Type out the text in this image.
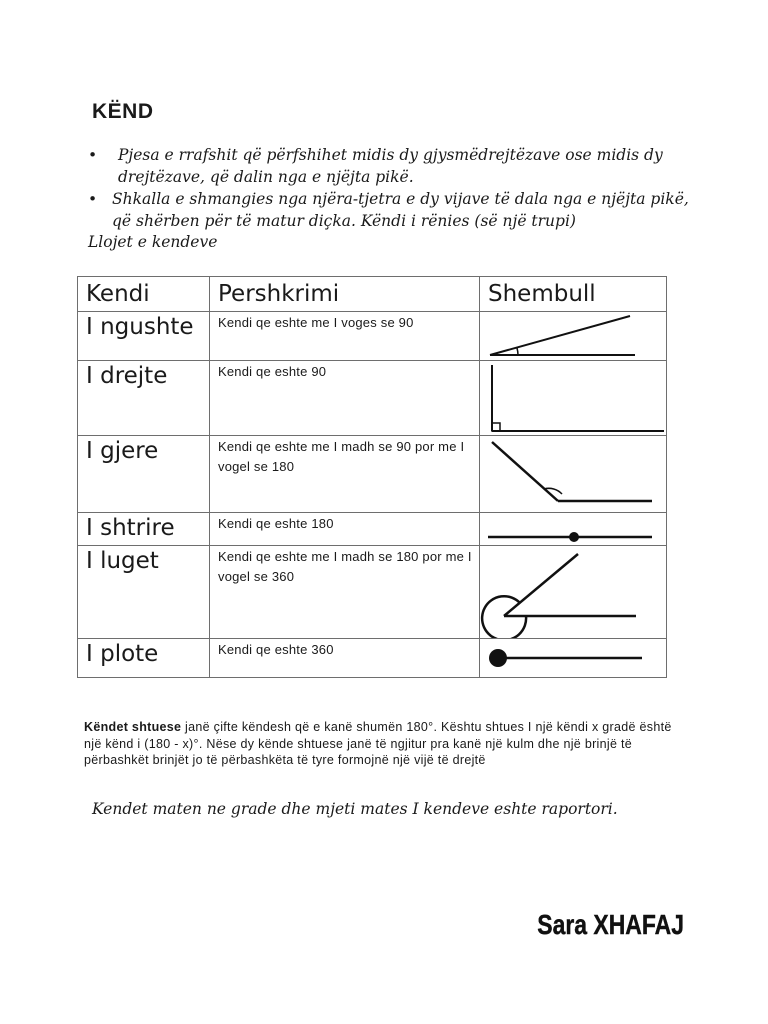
KËND
• Pjesa e rrafshit që përfshihet midis dy gjysmëdrejtëzave ose midis dy drejtëzave, që dalin nga e njëjta pikë.
• Shkalla e shmangies nga njëra-tjetra e dy vijave të dala nga e njëjta pikë, që shërben për të matur diçka. Këndi i rënies (së një trupi)
Llojet e kendeve
Kendi	Pershkrimi	Shembull
I ngushte	Kendi qe eshte me I voges se 90	

I drejte	Kendi qe eshte 90	

I gjere	Kendi qe eshte me I madh se 90 por me I vogel se 180	

I shtrire	Kendi qe eshte 180	

I luget	Kendi qe eshte me I madh se 180 por me I vogel se 360	

I plote	Kendi qe eshte 360	
Këndet shtuese janë çifte këndesh që e kanë shumën 180°. Kështu shtues I një këndi x gradë është një kënd i (180 - x)°. Nëse dy kënde shtuese janë të ngjitur pra kanë një kulm dhe një brinjë të përbashkët brinjët jo të përbashkëta të tyre formojnë një vijë të drejtë
Kendet maten ne grade dhe mjeti mates I kendeve eshte raportori.
Sara XHAFAJ
